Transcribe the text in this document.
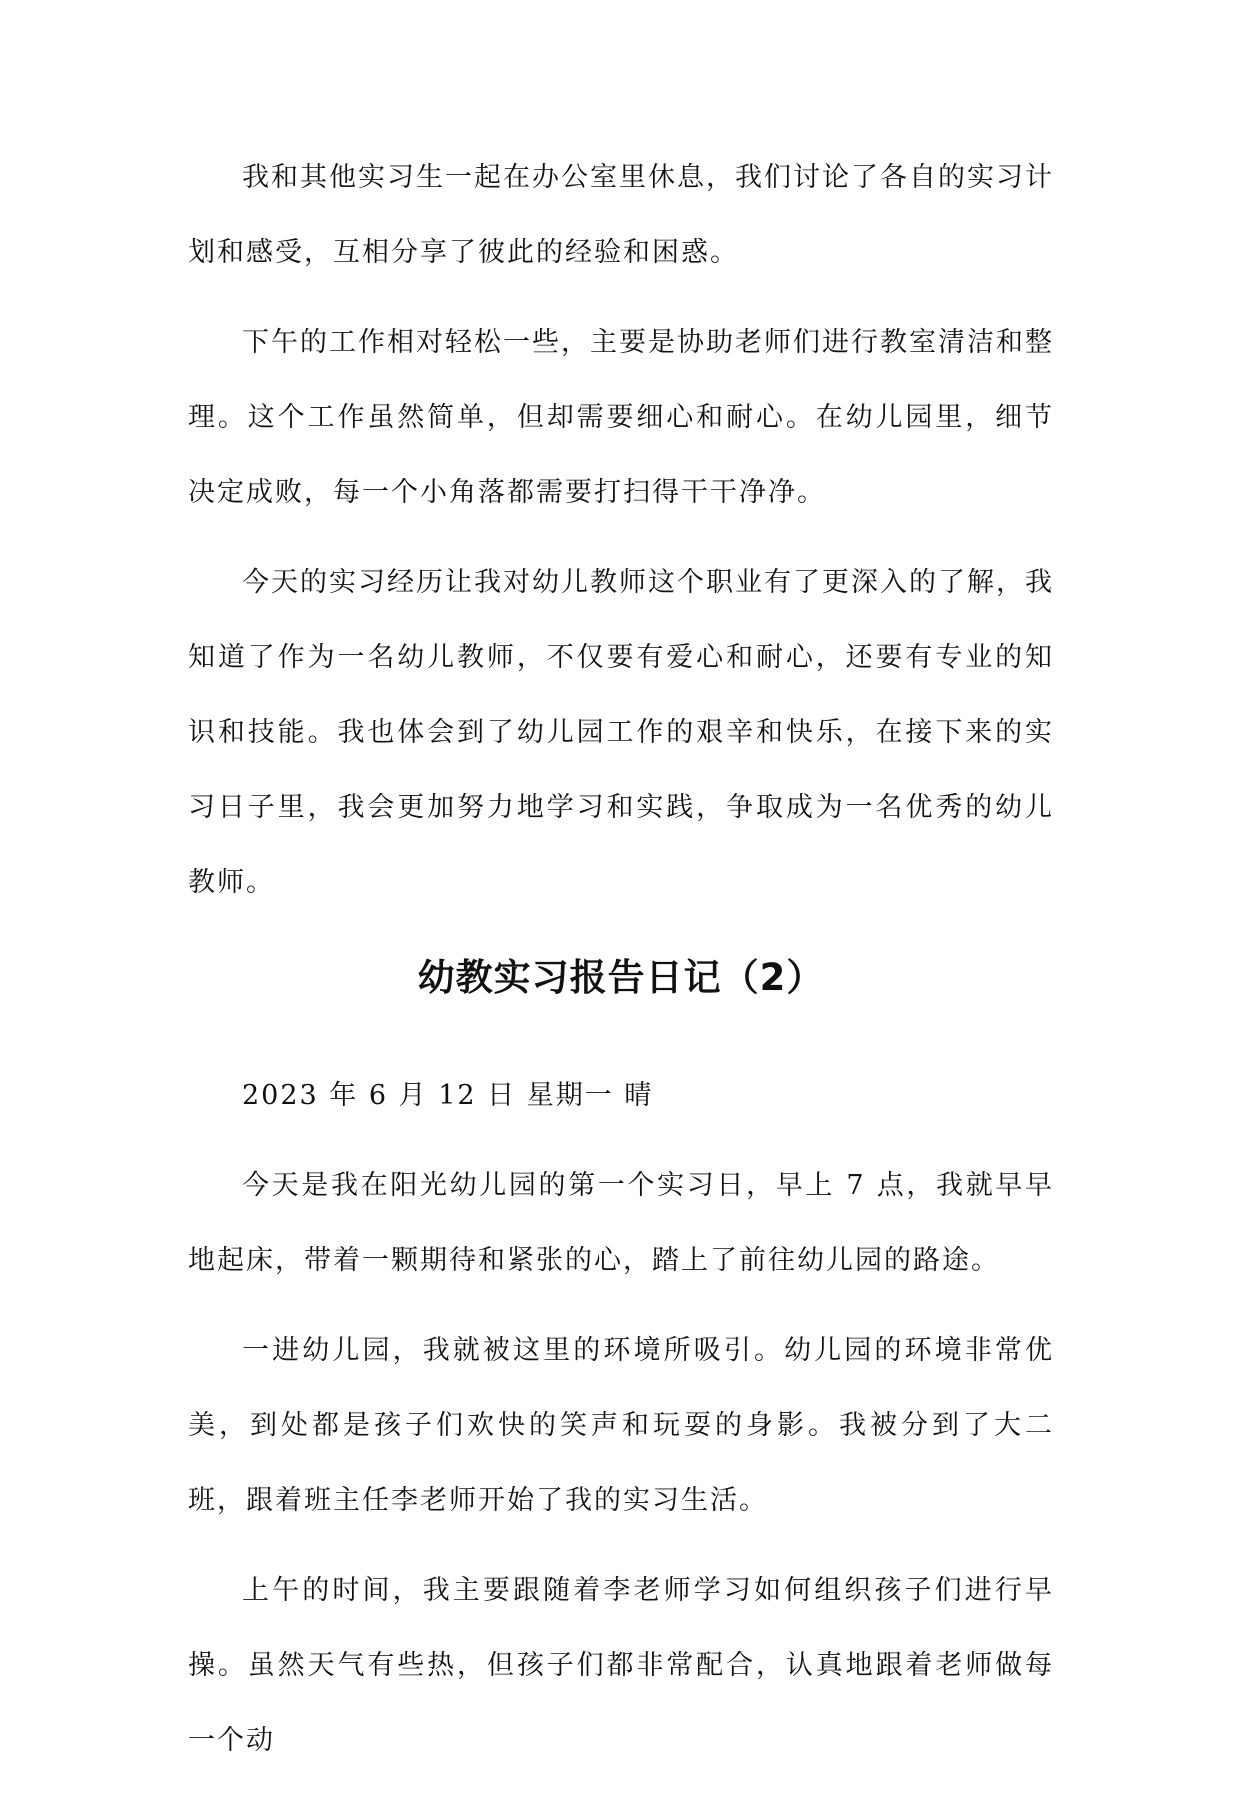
我和其他实习生一起在办公室里休息，我们讨论了各自的实习计划和感受，互相分享了彼此的经验和困惑。

下午的工作相对轻松一些，主要是协助老师们进行教室清洁和整理。这个工作虽然简单，但却需要细心和耐心。在幼儿园里，细节决定成败，每一个小角落都需要打扫得干干净净。

今天的实习经历让我对幼儿教师这个职业有了更深入的了解，我知道了作为一名幼儿教师，不仅要有爱心和耐心，还要有专业的知识和技能。我也体会到了幼儿园工作的艰辛和快乐，在接下来的实习日子里，我会更加努力地学习和实践，争取成为一名优秀的幼儿教师。

幼教实习报告日记（2）

2023 年 6 月 12 日 星期一 晴

今天是我在阳光幼儿园的第一个实习日，早上 7 点，我就早早地起床，带着一颗期待和紧张的心，踏上了前往幼儿园的路途。

一进幼儿园，我就被这里的环境所吸引。幼儿园的环境非常优美，到处都是孩子们欢快的笑声和玩耍的身影。我被分到了大二班，跟着班主任李老师开始了我的实习生活。

上午的时间，我主要跟随着李老师学习如何组织孩子们进行早操。虽然天气有些热，但孩子们都非常配合，认真地跟着老师做每一个动
